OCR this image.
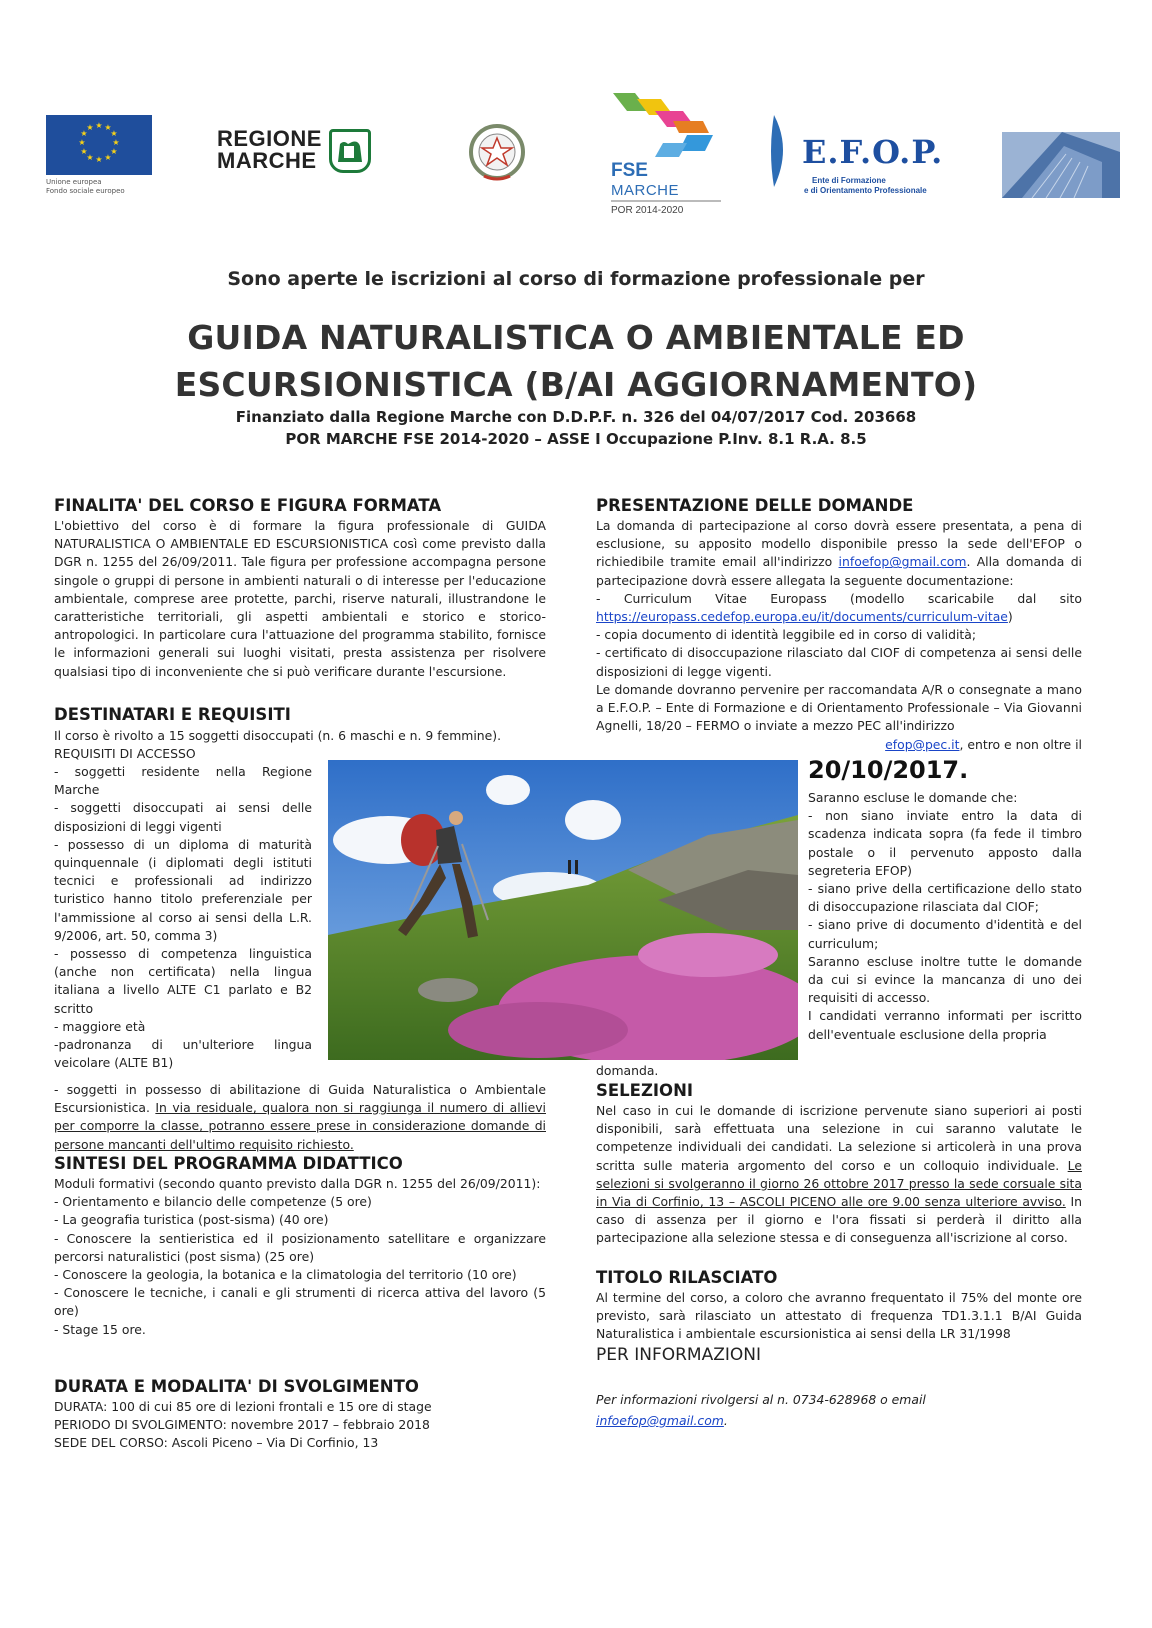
★ ★
★
★
★
★
★
★
★
★
★
★
Unione europea
Fondo sociale europeo
REGIONE
MARCHE	FSE
MARCHE
POR 2014-2020
E.F.O.P.
Ente di Formazione
e di Orientamento Professionale
Sono aperte le iscrizioni al corso di formazione professionale per
GUIDA NATURALISTICA O AMBIENTALE ED
ESCURSIONISTICA (B/AI AGGIORNAMENTO)
Finanziato dalla Regione Marche con D.D.P.F. n. 326 del 04/07/2017 Cod. 203668
POR MARCHE FSE 2014-2020 – ASSE I Occupazione P.Inv. 8.1 R.A. 8.5
FINALITA' DEL CORSO E FIGURA FORMATA
L'obiettivo del corso è di formare la figura professionale di GUIDA NATURALISTICA O AMBIENTALE ED ESCURSIONISTICA così come previsto dalla DGR n. 1255 del 26/09/2011. Tale figura per professione accompagna persone singole o gruppi di persone in ambienti naturali o di interesse per l'educazione ambientale, comprese aree protette, parchi, riserve naturali, illustrandone le caratteristiche territoriali, gli aspetti ambientali e storico e storico-antropologici. In particolare cura l'attuazione del programma stabilito, fornisce le informazioni generali sui luoghi visitati, presta assistenza per risolvere qualsiasi tipo di inconveniente che si può verificare durante l'escursione.
DESTINATARI E REQUISITI
Il corso è rivolto a 15 soggetti disoccupati (n. 6 maschi e n. 9 femmine).
REQUISITI DI ACCESSO
- soggetti residente nella Regione Marche
- soggetti disoccupati ai sensi delle disposizioni di leggi vigenti
- possesso di un diploma di maturità quinquennale (i diplomati degli istituti tecnici e professionali ad indirizzo turistico hanno titolo preferenziale per l'ammissione al corso ai sensi della L.R. 9/2006, art. 50, comma 3)
- possesso di competenza linguistica (anche non certificata) nella lingua italiana a livello ALTE C1 parlato e B2 scritto
- maggiore età
-padronanza di un'ulteriore lingua veicolare (ALTE B1)
- soggetti in possesso di abilitazione di Guida Naturalistica o Ambientale Escursionistica. In via residuale, qualora non si raggiunga il numero di allievi per comporre la classe, potranno essere prese in considerazione domande di persone mancanti dell'ultimo requisito richiesto.
SINTESI DEL PROGRAMMA DIDATTICO
Moduli formativi (secondo quanto previsto dalla DGR n. 1255 del 26/09/2011):
- Orientamento e bilancio delle competenze (5 ore)
- La geografia turistica (post-sisma) (40 ore)
- Conoscere la sentieristica ed il posizionamento satellitare e organizzare percorsi naturalistici (post sisma) (25 ore)
- Conoscere la geologia, la botanica e la climatologia del territorio (10 ore)
- Conoscere le tecniche, i canali e gli strumenti di ricerca attiva del lavoro (5 ore)
- Stage 15 ore.
DURATA E MODALITA' DI SVOLGIMENTO
DURATA: 100 di cui 85 ore di lezioni frontali e 15 ore di stage
PERIODO DI SVOLGIMENTO: novembre 2017 – febbraio 2018
SEDE DEL CORSO: Ascoli Piceno – Via Di Corfinio, 13
PRESENTAZIONE DELLE DOMANDE
La domanda di partecipazione al corso dovrà essere presentata, a pena di esclusione, su apposito modello disponibile presso la sede dell'EFOP o richiedibile tramite email all'indirizzo infoefop@gmail.com. Alla domanda di partecipazione dovrà essere allegata la seguente documentazione:
- Curriculum Vitae Europass (modello scaricabile dal sito https://europass.cedefop.europa.eu/it/documents/curriculum-vitae)
- copia documento di identità leggibile ed in corso di validità;
- certificato di disoccupazione rilasciato dal CIOF di competenza ai sensi delle disposizioni di legge vigenti.
Le domande dovranno pervenire per raccomandata A/R o consegnate a mano a E.F.O.P. – Ente di Formazione e di Orientamento Professionale – Via Giovanni Agnelli, 18/20 – FERMO o inviate a mezzo PEC all'indirizzo
efop@pec.it, entro e non oltre il
20/10/2017.
Saranno escluse le domande che:
- non siano inviate entro la data di scadenza indicata sopra (fa fede il timbro postale o il pervenuto apposto dalla segreteria EFOP)
- siano prive della certificazione dello stato di disoccupazione rilasciata dal CIOF;
- siano prive di documento d'identità e del curriculum;
Saranno escluse inoltre tutte le domande da cui si evince la mancanza di uno dei requisiti di accesso.
I candidati verranno informati per iscritto dell'eventuale esclusione della propria
domanda.
SELEZIONI
Nel caso in cui le domande di iscrizione pervenute siano superiori ai posti disponibili, sarà effettuata una selezione in cui saranno valutate le competenze individuali dei candidati. La selezione si articolerà in una prova scritta sulle materia argomento del corso e un colloquio individuale. Le selezioni si svolgeranno il giorno 26 ottobre 2017 presso la sede corsuale sita in Via di Corfinio, 13 – ASCOLI PICENO alle ore 9.00 senza ulteriore avviso. In caso di assenza per il giorno e l'ora fissati si perderà il diritto alla partecipazione alla selezione stessa e di conseguenza all'iscrizione al corso.
TITOLO RILASCIATO
Al termine del corso, a coloro che avranno frequentato il 75% del monte ore previsto, sarà rilasciato un attestato di frequenza TD1.3.1.1 B/AI Guida Naturalistica i ambientale escursionistica ai sensi della LR 31/1998
PER INFORMAZIONI
Per informazioni rivolgersi al n. 0734-628968 o email infoefop@gmail.com.
